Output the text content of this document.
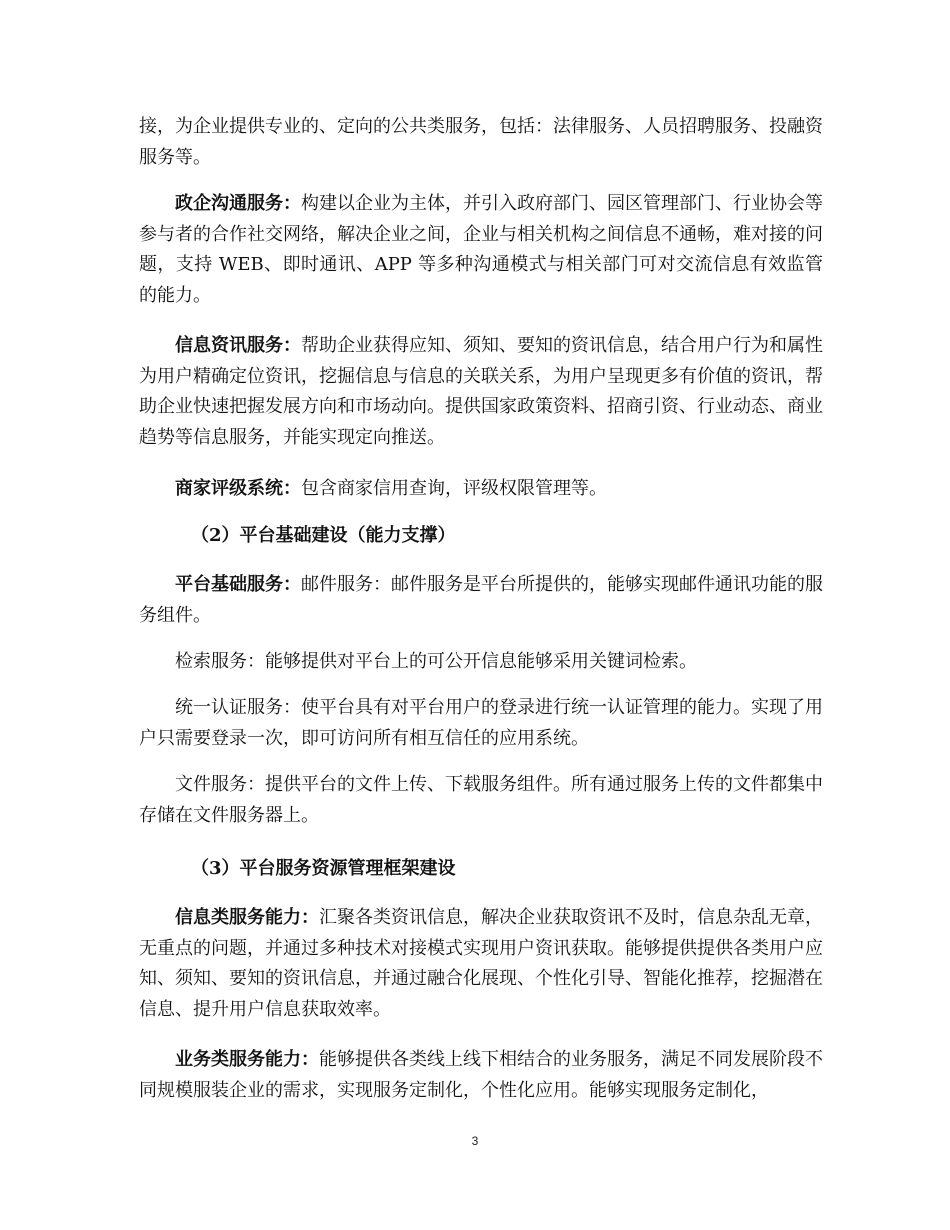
接，为企业提供专业的、定向的公共类服务，包括：法律服务、人员招聘服务、投融资服务等。

政企沟通服务：构建以企业为主体，并引入政府部门、园区管理部门、行业协会等参与者的合作社交网络，解决企业之间，企业与相关机构之间信息不通畅，难对接的问题，支持 WEB、即时通讯、APP 等多种沟通模式与相关部门可对交流信息有效监管的能力。

信息资讯服务：帮助企业获得应知、须知、要知的资讯信息，结合用户行为和属性为用户精确定位资讯，挖掘信息与信息的关联关系，为用户呈现更多有价值的资讯，帮助企业快速把握发展方向和市场动向。提供国家政策资料、招商引资、行业动态、商业趋势等信息服务，并能实现定向推送。

商家评级系统：包含商家信用查询，评级权限管理等。

（2）平台基础建设（能力支撑）

平台基础服务：邮件服务：邮件服务是平台所提供的，能够实现邮件通讯功能的服务组件。

检索服务：能够提供对平台上的可公开信息能够采用关键词检索。

统一认证服务：使平台具有对平台用户的登录进行统一认证管理的能力。实现了用户只需要登录一次，即可访问所有相互信任的应用系统。

文件服务：提供平台的文件上传、下载服务组件。所有通过服务上传的文件都集中存储在文件服务器上。

（3）平台服务资源管理框架建设

信息类服务能力：汇聚各类资讯信息，解决企业获取资讯不及时，信息杂乱无章，无重点的问题，并通过多种技术对接模式实现用户资讯获取。能够提供提供各类用户应知、须知、要知的资讯信息，并通过融合化展现、个性化引导、智能化推荐，挖掘潜在信息、提升用户信息获取效率。

业务类服务能力：能够提供各类线上线下相结合的业务服务，满足不同发展阶段不同规模服装企业的需求，实现服务定制化，个性化应用。能够实现服务定制化，

3
